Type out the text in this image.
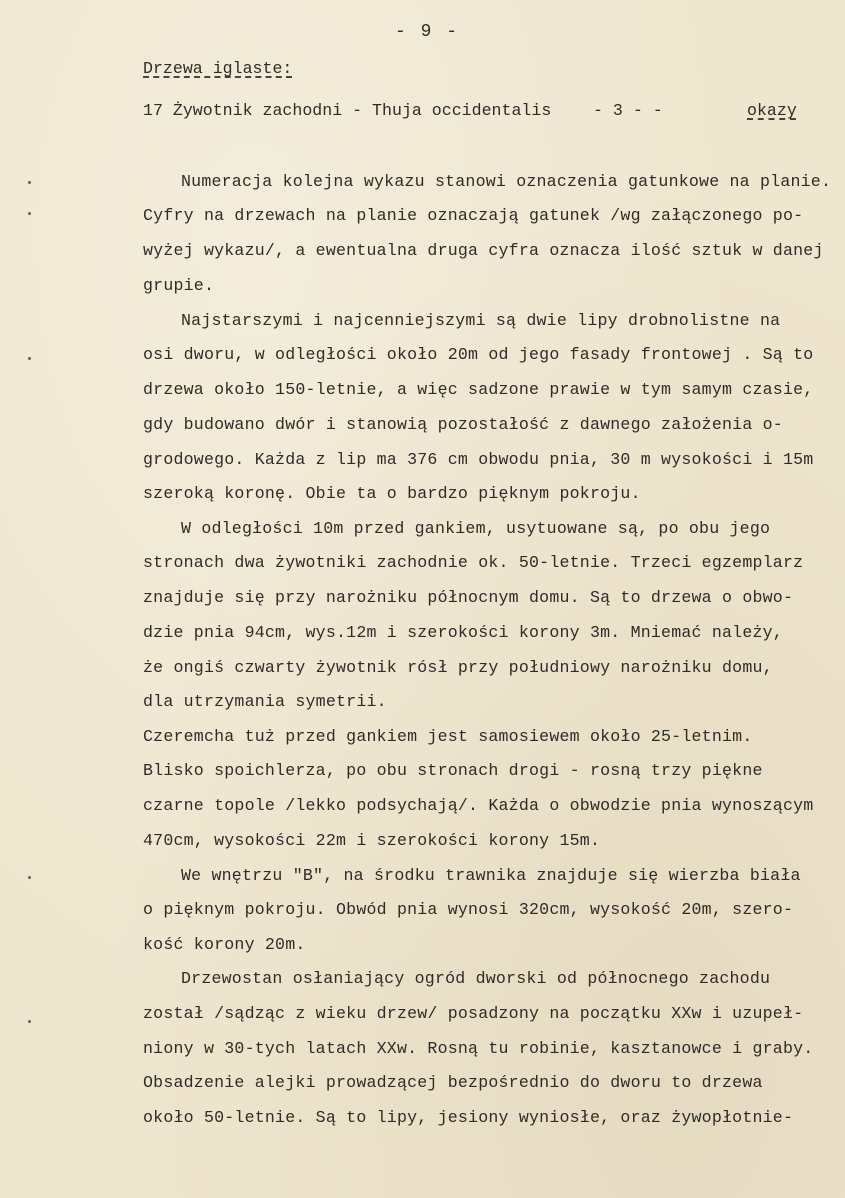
- 9 -
Drzewa iglaste:
17 Żywotnik zachodni - Thuja occidentalis	- 3 - -	okazy
Numeracja kolejna wykazu stanowi oznaczenia gatunkowe na planie.
Cyfry na drzewach na planie oznaczają gatunek /wg załączonego po-
wyżej wykazu/, a ewentualna druga cyfra oznacza ilość sztuk w danej
grupie.
Najstarszymi i najcenniejszymi są dwie lipy drobnolistne na
osi dworu, w odległości około 20m od jego fasady frontowej . Są to
drzewa około 150-letnie, a więc sadzone prawie w tym samym czasie,
gdy budowano dwór i stanowią pozostałość z dawnego założenia o-
grodowego. Każda z lip ma 376 cm obwodu pnia, 30 m wysokości i 15m
szeroką koronę. Obie ta o bardzo pięknym pokroju.
W odległości 10m przed gankiem, usytuowane są, po obu jego
stronach dwa żywotniki zachodnie ok. 50-letnie. Trzeci egzemplarz
znajduje się przy narożniku północnym domu. Są to drzewa o obwo-
dzie pnia 94cm, wys.12m i szerokości korony 3m. Mniemać należy,
że ongiś czwarty żywotnik rósł przy południowy narożniku domu,
dla utrzymania symetrii.
Czeremcha tuż przed gankiem jest samosiewem około 25-letnim.
Blisko spoichlerza, po obu stronach drogi - rosną trzy piękne
czarne topole /lekko podsychają/. Każda o obwodzie pnia wynoszącym
470cm, wysokości 22m i szerokości korony 15m.
We wnętrzu "B", na środku trawnika znajduje się wierzba biała
o pięknym pokroju. Obwód pnia wynosi 320cm, wysokość 20m, szero-
kość korony 20m.
Drzewostan osłaniający ogród dworski od północnego zachodu
został /sądząc z wieku drzew/ posadzony na początku XXw i uzupeł-
niony w 30-tych latach XXw. Rosną tu robinie, kasztanowce i graby.
Obsadzenie alejki prowadzącej bezpośrednio do dworu to drzewa
około 50-letnie. Są to lipy, jesiony wyniosłe, oraz żywopłotnie-
